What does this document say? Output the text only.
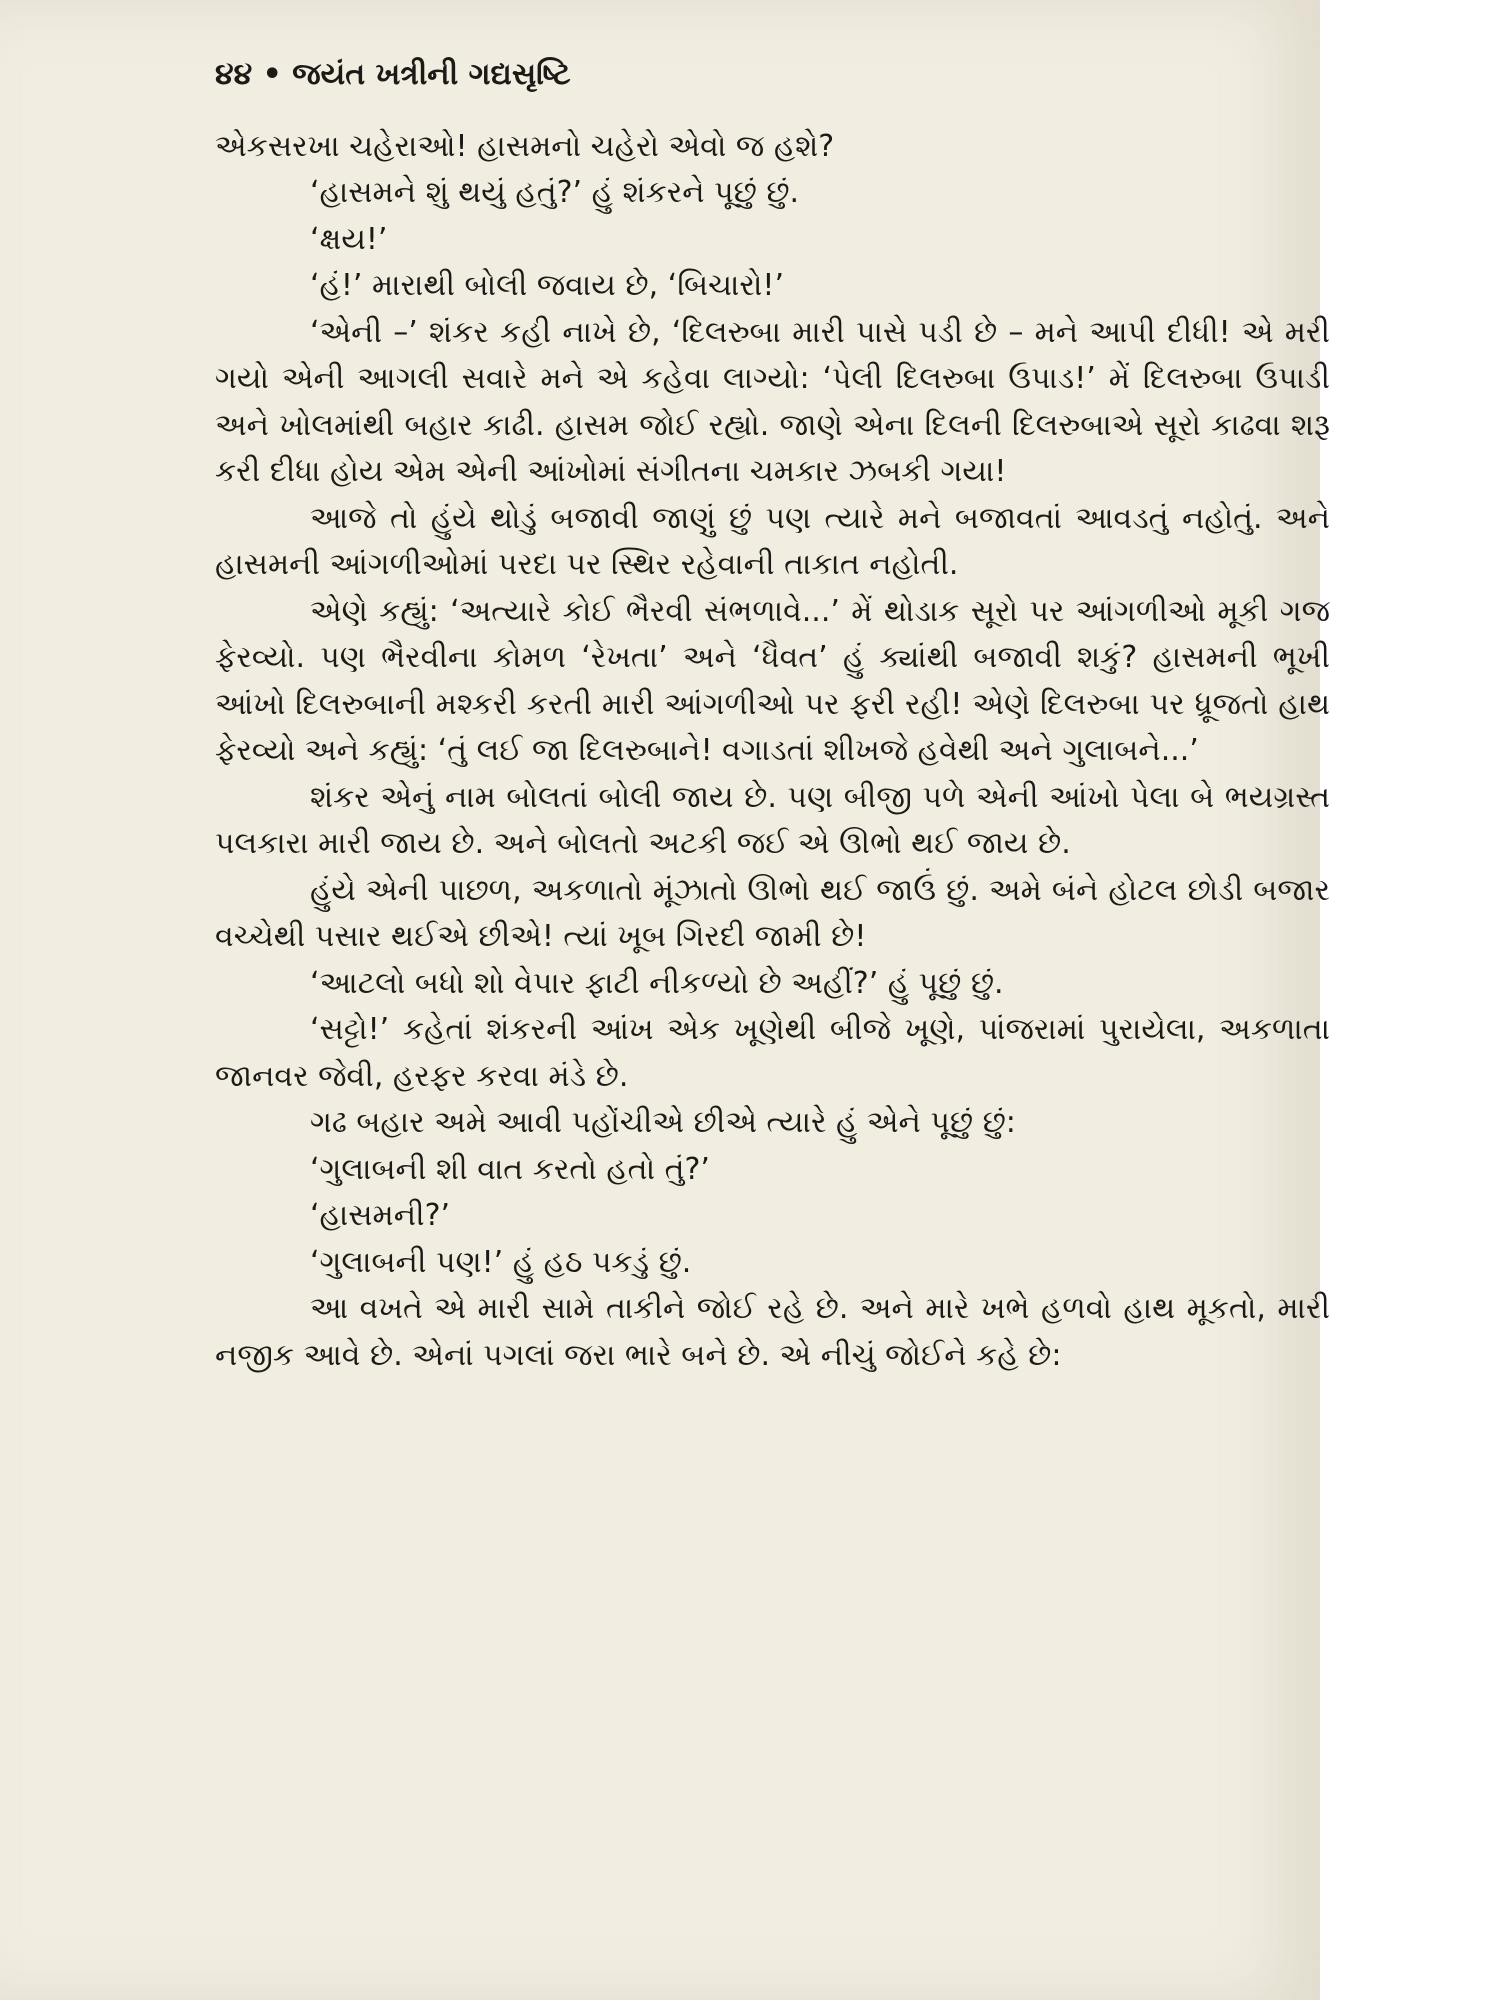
૪૪ • જયંત ખત્રીની ગદ્યસૃષ્ટિ

એકસરખા ચહેરાઓ! હાસમનો ચહેરો એવો જ હશે?

‘હાસમને શું થયું હતું?’ હું શંકરને પૂછું છું.

‘ક્ષય!’

‘હં!’ મારાથી બોલી જવાય છે, ‘બિચારો!’

‘એની –’ શંકર કહી નાખે છે, ‘દિલરુબા મારી પાસે પડી છે – મને આપી દીધી! એ મરી ગયો એની આગલી સવારે મને એ કહેવા લાગ્યો: ‘પેલી દિલરુબા ઉપાડ!’ મેં દિલરુબા ઉપાડી અને ખોલમાંથી બહાર કાઢી. હાસમ જોઈ રહ્યો. જાણે એના દિલની દિલરુબાએ સૂરો કાઢવા શરૂ કરી દીધા હોય એમ એની આંખોમાં સંગીતના ચમકાર ઝબકી ગયા!

આજે તો હુંયે થોડું બજાવી જાણું છું પણ ત્યારે મને બજાવતાં આવડતું નહોતું. અને હાસમની આંગળીઓમાં પરદા પર સ્થિર રહેવાની તાકાત નહોતી.

એણે કહ્યું: ‘અત્યારે કોઈ ભૈરવી સંભળાવે...’ મેં થોડાક સૂરો પર આંગળીઓ મૂકી ગજ ફેરવ્યો. પણ ભૈરવીના કોમળ ‘રેખતા’ અને ‘ધૈવત’ હું ક્યાંથી બજાવી શકું? હાસમની ભૂખી આંખો દિલરુબાની મશ્કરી કરતી મારી આંગળીઓ પર ફરી રહી! એણે દિલરુબા પર ધ્રૂજતો હાથ ફેરવ્યો અને કહ્યું: ‘તું લઈ જા દિલરુબાને! વગાડતાં શીખજે હવેથી અને ગુલાબને...’

શંકર એનું નામ બોલતાં બોલી જાય છે. પણ બીજી પળે એની આંખો પેલા બે ભયગ્રસ્ત પલકારા મારી જાય છે. અને બોલતો અટકી જઈ એ ઊભો થઈ જાય છે.

હુંયે એની પાછળ, અકળાતો મૂંઝાતો ઊભો થઈ જાઉં છું. અમે બંને હોટલ છોડી બજાર વચ્ચેથી પસાર થઈએ છીએ! ત્યાં ખૂબ ગિરદી જામી છે!

‘આટલો બધો શો વેપાર ફાટી નીકળ્યો છે અહીં?’ હું પૂછું છું.

‘સટ્ટો!’ કહેતાં શંકરની આંખ એક ખૂણેથી બીજે ખૂણે, પાંજરામાં પુરાયેલા, અકળાતા જાનવર જેવી, હરફર કરવા મંડે છે.

ગઢ બહાર અમે આવી પહોંચીએ છીએ ત્યારે હું એને પૂછું છું:

‘ગુલાબની શી વાત કરતો હતો તું?’

‘હાસમની?’

‘ગુલાબની પણ!’ હું હઠ પકડું છું.

આ વખતે એ મારી સામે તાકીને જોઈ રહે છે. અને મારે ખભે હળવો હાથ મૂકતો, મારી નજીક આવે છે. એનાં પગલાં જરા ભારે બને છે. એ નીચું જોઈને કહે છે:
